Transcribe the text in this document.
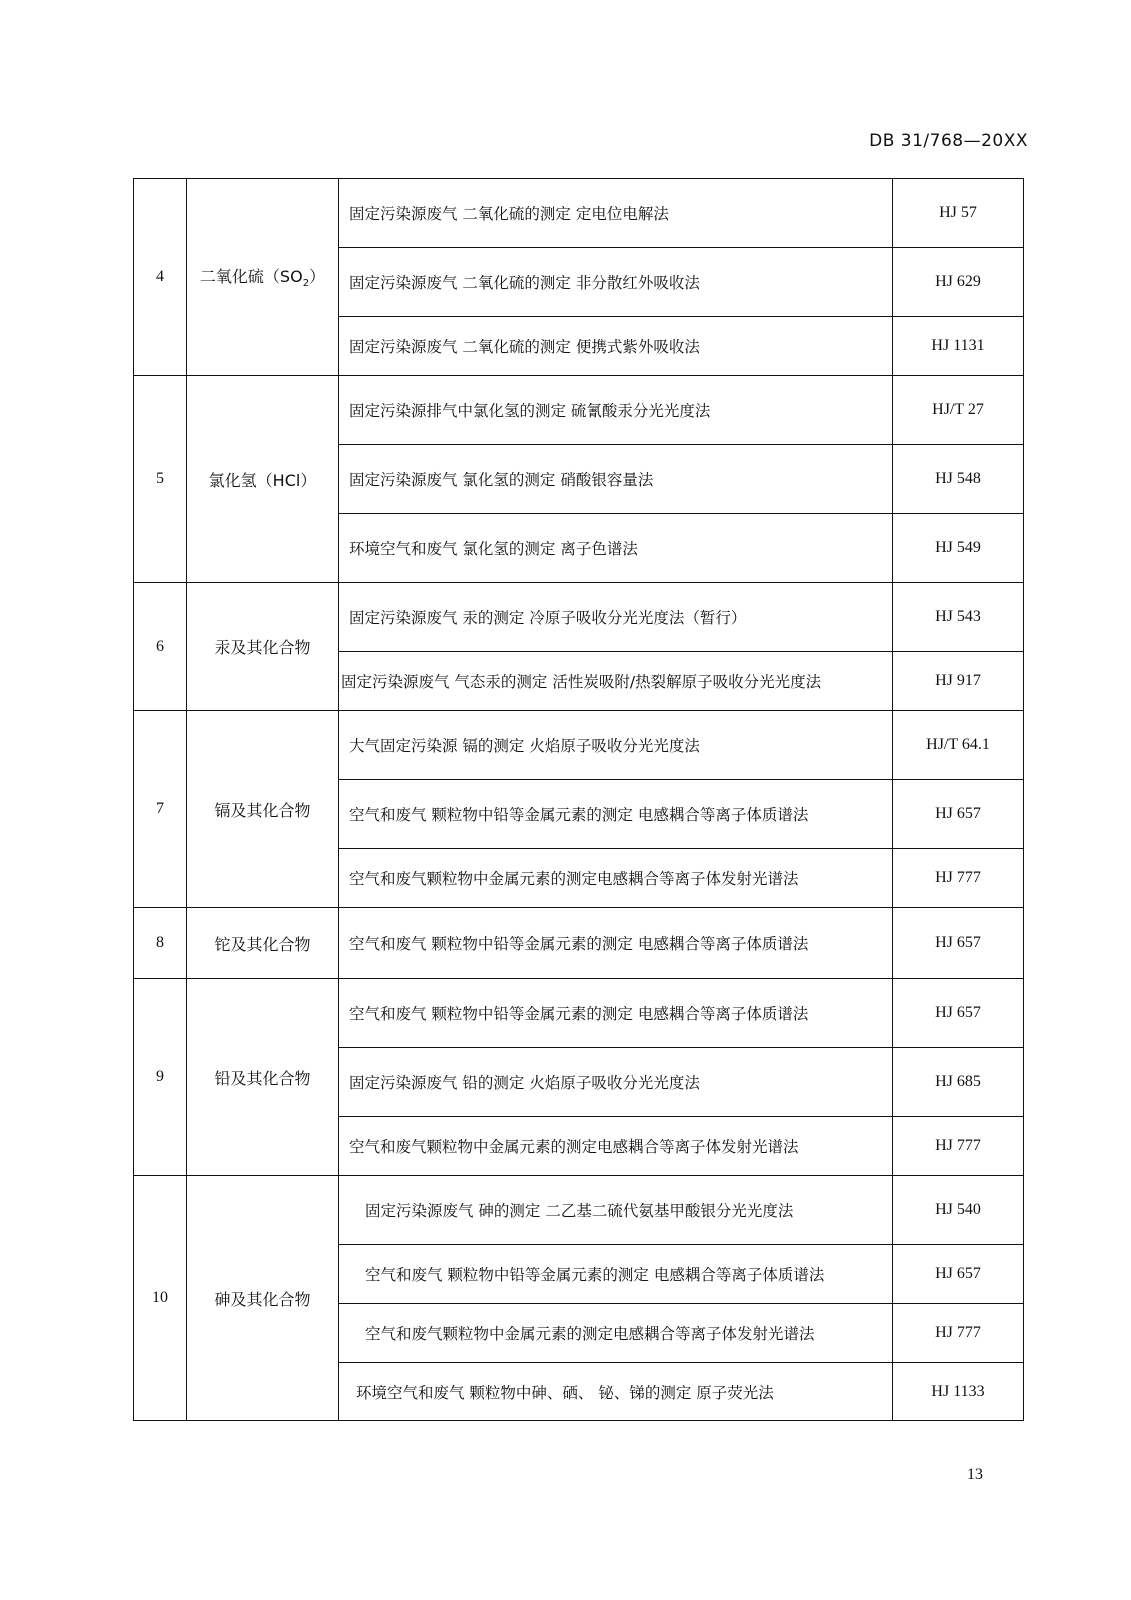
DB 31/768—20XX
4	二氧化硫$(SO_2)$	固定污染源废气 二氧化硫的测定 定电位电解法	HJ 57
		固定污染源废气 二氧化硫的测定 非分散红外吸收法	HJ 629
		固定污染源废气 二氧化硫的测定 便携式紫外吸收法	HJ 1131
5	氯化氢（HCl）	固定污染源排气中氯化氢的测定 硫氰酸汞分光光度法	HJ/T 27
		固定污染源废气 氯化氢的测定 硝酸银容量法	HJ 548
		环境空气和废气 氯化氢的测定 离子色谱法	HJ 549
6	汞及其化合物	固定污染源废气 汞的测定 冷原子吸收分光光度法（暂行）	HJ 543
		固定污染源废气 气态汞的测定 活性炭吸附/热裂解原子吸收分光光度法	HJ 917
7	镉及其化合物	大气固定污染源 镉的测定 火焰原子吸收分光光度法	HJ/T 64.1
		空气和废气 颗粒物中铅等金属元素的测定 电感耦合等离子体质谱法	HJ 657
		空气和废气颗粒物中金属元素的测定电感耦合等离子体发射光谱法	HJ 777
8	铊及其化合物	空气和废气 颗粒物中铅等金属元素的测定 电感耦合等离子体质谱法	HJ 657
9	铅及其化合物	空气和废气 颗粒物中铅等金属元素的测定 电感耦合等离子体质谱法	HJ 657
		固定污染源废气 铅的测定 火焰原子吸收分光光度法	HJ 685
		空气和废气颗粒物中金属元素的测定电感耦合等离子体发射光谱法	HJ 777
10	砷及其化合物	固定污染源废气 砷的测定 二乙基二硫代氨基甲酸银分光光度法	HJ 540
		空气和废气 颗粒物中铅等金属元素的测定 电感耦合等离子体质谱法	HJ 657
		空气和废气颗粒物中金属元素的测定电感耦合等离子体发射光谱法	HJ 777
		环境空气和废气 颗粒物中砷、硒、 铋、锑的测定 原子荧光法	HJ 1133
13
